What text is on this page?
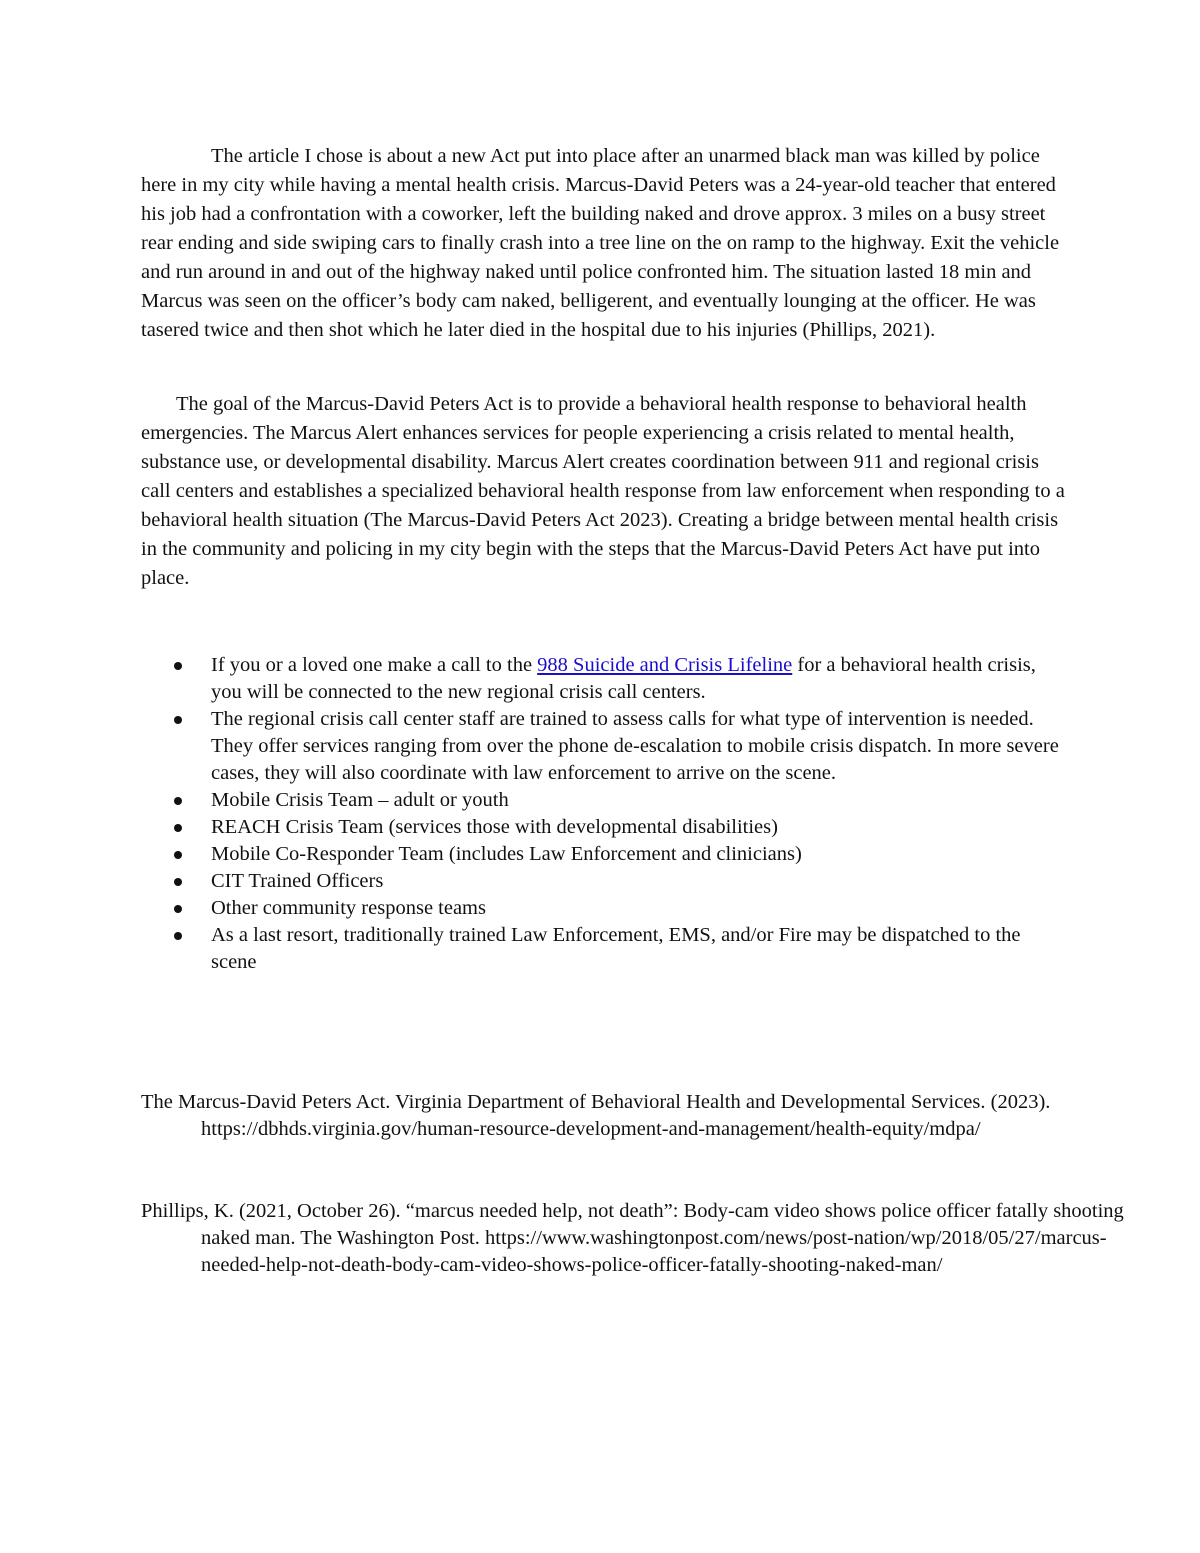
The article I chose is about a new Act put into place after an unarmed black man was killed by police here in my city while having a mental health crisis. Marcus-David Peters was a 24-year-old teacher that entered his job had a confrontation with a coworker, left the building naked and drove approx. 3 miles on a busy street rear ending and side swiping cars to finally crash into a tree line on the on ramp to the highway. Exit the vehicle and run around in and out of the highway naked until police confronted him. The situation lasted 18 min and Marcus was seen on the officer’s body cam naked, belligerent, and eventually lounging at the officer. He was tasered twice and then shot which he later died in the hospital due to his injuries (Phillips, 2021).

The goal of the Marcus-David Peters Act is to provide a behavioral health response to behavioral health emergencies. The Marcus Alert enhances services for people experiencing a crisis related to mental health, substance use, or developmental disability. Marcus Alert creates coordination between 911 and regional crisis call centers and establishes a specialized behavioral health response from law enforcement when responding to a behavioral health situation (The Marcus-David Peters Act 2023). Creating a bridge between mental health crisis in the community and policing in my city begin with the steps that the Marcus-David Peters Act have put into place.

If you or a loved one make a call to the 988 Suicide and Crisis Lifeline for a behavioral health crisis, you will be connected to the new regional crisis call centers.
The regional crisis call center staff are trained to assess calls for what type of intervention is needed. They offer services ranging from over the phone de-escalation to mobile crisis dispatch. In more severe cases, they will also coordinate with law enforcement to arrive on the scene.
Mobile Crisis Team – adult or youth
REACH Crisis Team (services those with developmental disabilities)
Mobile Co-Responder Team (includes Law Enforcement and clinicians)
CIT Trained Officers
Other community response teams
As a last resort, traditionally trained Law Enforcement, EMS, and/or Fire may be dispatched to the scene

The Marcus-David Peters Act. Virginia Department of Behavioral Health and Developmental Services. (2023). https://dbhds.virginia.gov/human-resource-development-and-management/health-equity/mdpa/

Phillips, K. (2021, October 26). “marcus needed help, not death”: Body-cam video shows police officer fatally shooting naked man. The Washington Post. https://www.washingtonpost.com/news/post-nation/wp/2018/05/27/marcus-needed-help-not-death-body-cam-video-shows-police-officer-fatally-shooting-naked-man/
